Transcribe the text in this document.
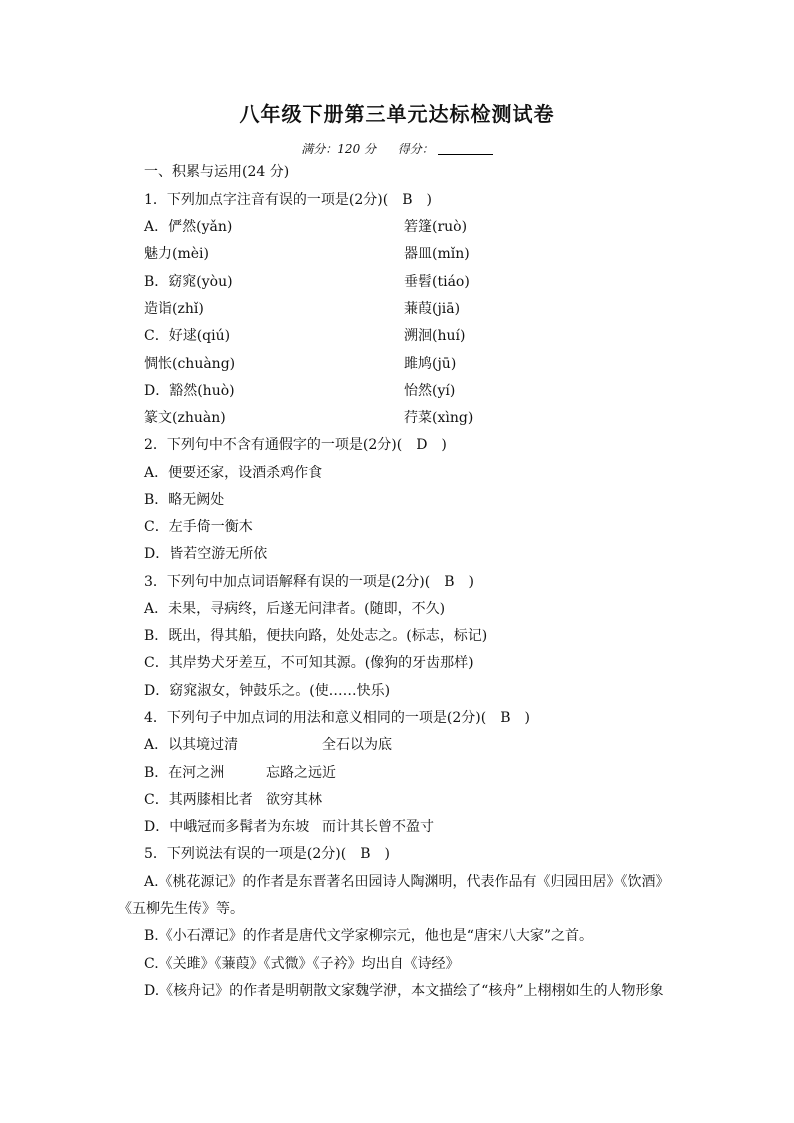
八年级下册第三单元达标检测试卷
满分：120 分 得分：
一、积累与运用(24 分)
1．下列加点字注音有误的一项是(2分)(　B　)
A．俨然(yǎn)	箬篷(ruò)
魅力(mèi)	器皿(mǐn)
B．窈窕(yòu)	垂髫(tiáo)
造诣(zhǐ)	蒹葭(jiā)
C．好逑(qiú)	溯洄(huí)
惆怅(chuàng)	雎鸠(jū)
D．豁然(huò)	怡然(yí)
篆文(zhuàn)	荇菜(xìng)
2．下列句中不含有通假字的一项是(2分)(　D　)
A．便要还家，设酒杀鸡作食
B．略无阙处
C．左手倚一衡木
D．皆若空游无所依
3．下列句中加点词语解释有误的一项是(2分)(　B　)
A．未果，寻病终，后遂无问津者。(随即，不久)
B．既出，得其船，便扶向路，处处志之。(标志，标记)
C．其岸势犬牙差互，不可知其源。(像狗的牙齿那样)
D．窈窕淑女，钟鼓乐之。(使……快乐)
4．下列句子中加点词的用法和意义相同的一项是(2分)(　B　)
A．以其境过清	全石以为底
B．在河之洲	忘路之远近
C．其两膝相比者 欲穷其林
D．中峨冠而多髯者为东坡 而计其长曾不盈寸
5．下列说法有误的一项是(2分)(　B　)
A.《桃花源记》的作者是东晋著名田园诗人陶渊明，代表作品有《归园田居》《饮酒》
《五柳先生传》等。
B.《小石潭记》的作者是唐代文学家柳宗元，他也是“唐宋八大家”之首。
C.《关雎》《蒹葭》《式微》《子衿》均出自《诗经》
D.《核舟记》的作者是明朝散文家魏学洢，本文描绘了“核舟”上栩栩如生的人物形象
